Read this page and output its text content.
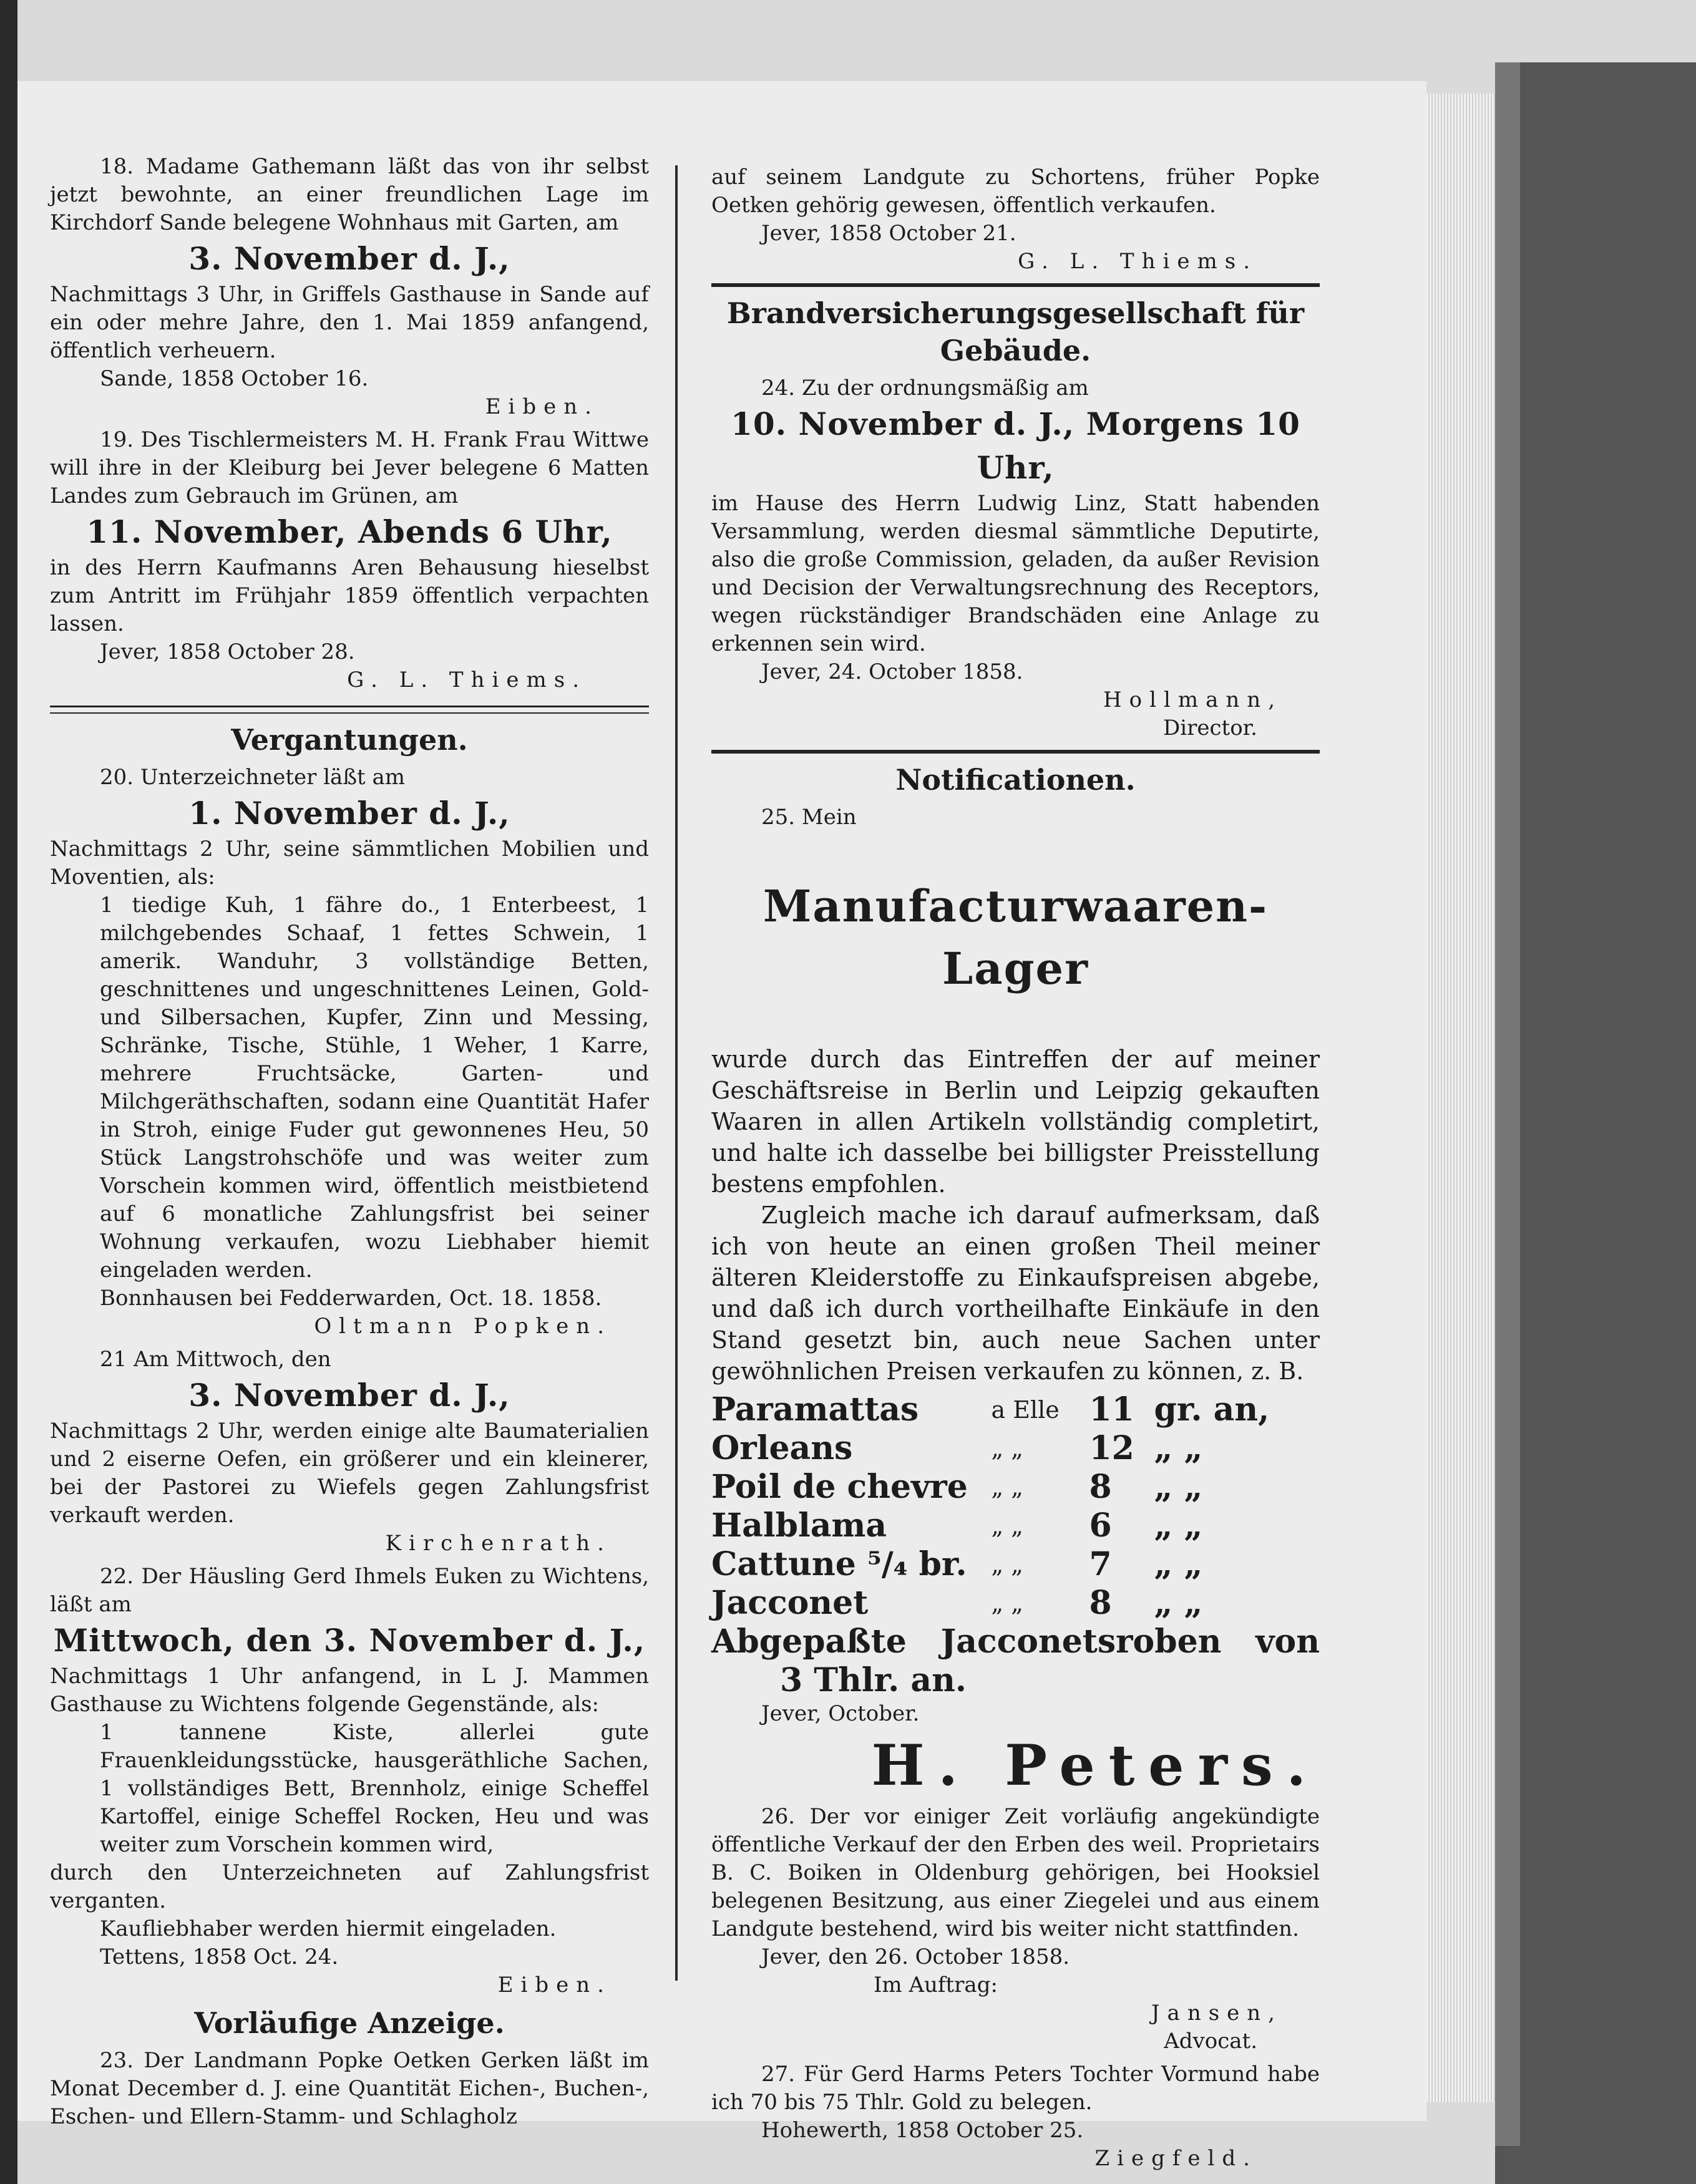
18. Madame Gathemann läßt das von ihr selbst jetzt bewohnte, an einer freundlichen Lage im Kirchdorf Sande belegene Wohnhaus mit Garten, am

3. November d. J.,

Nachmittags 3 Uhr, in Griffels Gasthause in Sande auf ein oder mehre Jahre, den 1. Mai 1859 anfangend, öffentlich verheuern.

Sande, 1858 October 16.

Eiben.

19. Des Tischlermeisters M. H. Frank Frau Wittwe will ihre in der Kleiburg bei Jever belegene 6 Matten Landes zum Gebrauch im Grünen, am

11. November, Abends 6 Uhr,

in des Herrn Kaufmanns Aren Behausung hieselbst zum Antritt im Frühjahr 1859 öffentlich verpachten lassen.

Jever, 1858 October 28.

G. L. Thiems.

Vergantungen.

20. Unterzeichneter läßt am

1. November d. J.,

Nachmittags 2 Uhr, seine sämmtlichen Mobilien und Moventien, als:

1 tiedige Kuh, 1 fähre do., 1 Enterbeest, 1 milchgebendes Schaaf, 1 fettes Schwein, 1 amerik. Wanduhr, 3 vollständige Betten, geschnittenes und ungeschnittenes Leinen, Gold- und Silbersachen, Kupfer, Zinn und Messing, Schränke, Tische, Stühle, 1 Weher, 1 Karre, mehrere Fruchtsäcke, Garten- und Milchgeräthschaften, sodann eine Quantität Hafer in Stroh, einige Fuder gut gewonnenes Heu, 50 Stück Langstrohschöfe und was weiter zum Vorschein kommen wird, öffentlich meistbietend auf 6 monatliche Zahlungsfrist bei seiner Wohnung verkaufen, wozu Liebhaber hiemit eingeladen werden.

Bonnhausen bei Fedderwarden, Oct. 18. 1858.

Oltmann Popken.

21 Am Mittwoch, den

3. November d. J.,

Nachmittags 2 Uhr, werden einige alte Baumaterialien und 2 eiserne Oefen, ein größerer und ein kleinerer, bei der Pastorei zu Wiefels gegen Zahlungsfrist verkauft werden.

Kirchenrath.

22. Der Häusling Gerd Ihmels Euken zu Wichtens, läßt am

Mittwoch, den 3. November d. J.,

Nachmittags 1 Uhr anfangend, in L J. Mammen Gasthause zu Wichtens folgende Gegenstände, als:

1 tannene Kiste, allerlei gute Frauenkleidungsstücke, hausgeräthliche Sachen, 1 vollständiges Bett, Brennholz, einige Scheffel Kartoffel, einige Scheffel Rocken, Heu und was weiter zum Vorschein kommen wird,

durch den Unterzeichneten auf Zahlungsfrist verganten.

Kaufliebhaber werden hiermit eingeladen.

Tettens, 1858 Oct. 24.

Eiben.

Vorläufige Anzeige.

23. Der Landmann Popke Oetken Gerken läßt im Monat December d. J. eine Quantität Eichen-, Buchen-, Eschen- und Ellern-Stamm- und Schlagholz

auf seinem Landgute zu Schortens, früher Popke Oetken gehörig gewesen, öffentlich verkaufen.

Jever, 1858 October 21.

G. L. Thiems.

Brandversicherungsgesellschaft für Gebäude.

24. Zu der ordnungsmäßig am

10. November d. J., Morgens 10 Uhr,

im Hause des Herrn Ludwig Linz, Statt habenden Versammlung, werden diesmal sämmtliche Deputirte, also die große Commission, geladen, da außer Revision und Decision der Verwaltungsrechnung des Receptors, wegen rückständiger Brandschäden eine Anlage zu erkennen sein wird.

Jever, 24. October 1858.

Hollmann,

Director.

Notificationen.

25. Mein

Manufacturwaaren-Lager

wurde durch das Eintreffen der auf meiner Geschäftsreise in Berlin und Leipzig gekauften Waaren in allen Artikeln vollständig completirt, und halte ich dasselbe bei billigster Preisstellung bestens empfohlen.

Zugleich mache ich darauf aufmerksam, daß ich von heute an einen großen Theil meiner älteren Kleiderstoffe zu Einkaufspreisen abgebe, und daß ich durch vortheilhafte Einkäufe in den Stand gesetzt bin, auch neue Sachen unter gewöhnlichen Preisen verkaufen zu können, z. B.

Paramattas	a Elle	11	gr. an,
Orleans	„ „	12	„ „
Poil de chevre	„ „	8	„ „
Halblama	„ „	6	„ „
Cattune ⁵/₄ br.	„ „	7	„ „
Jacconet	„ „	8	„ „

Abgepaßte Jacconetsroben von

3 Thlr. an.

Jever, October.

H. Peters.

26. Der vor einiger Zeit vorläufig angekündigte öffentliche Verkauf der den Erben des weil. Proprietairs B. C. Boiken in Oldenburg gehörigen, bei Hooksiel belegenen Besitzung, aus einer Ziegelei und aus einem Landgute bestehend, wird bis weiter nicht stattfinden.

Jever, den 26. October 1858.

Im Auftrag:

Jansen,

Advocat.

27. Für Gerd Harms Peters Tochter Vormund habe ich 70 bis 75 Thlr. Gold zu belegen.

Hohewerth, 1858 October 25.

Ziegfeld.
